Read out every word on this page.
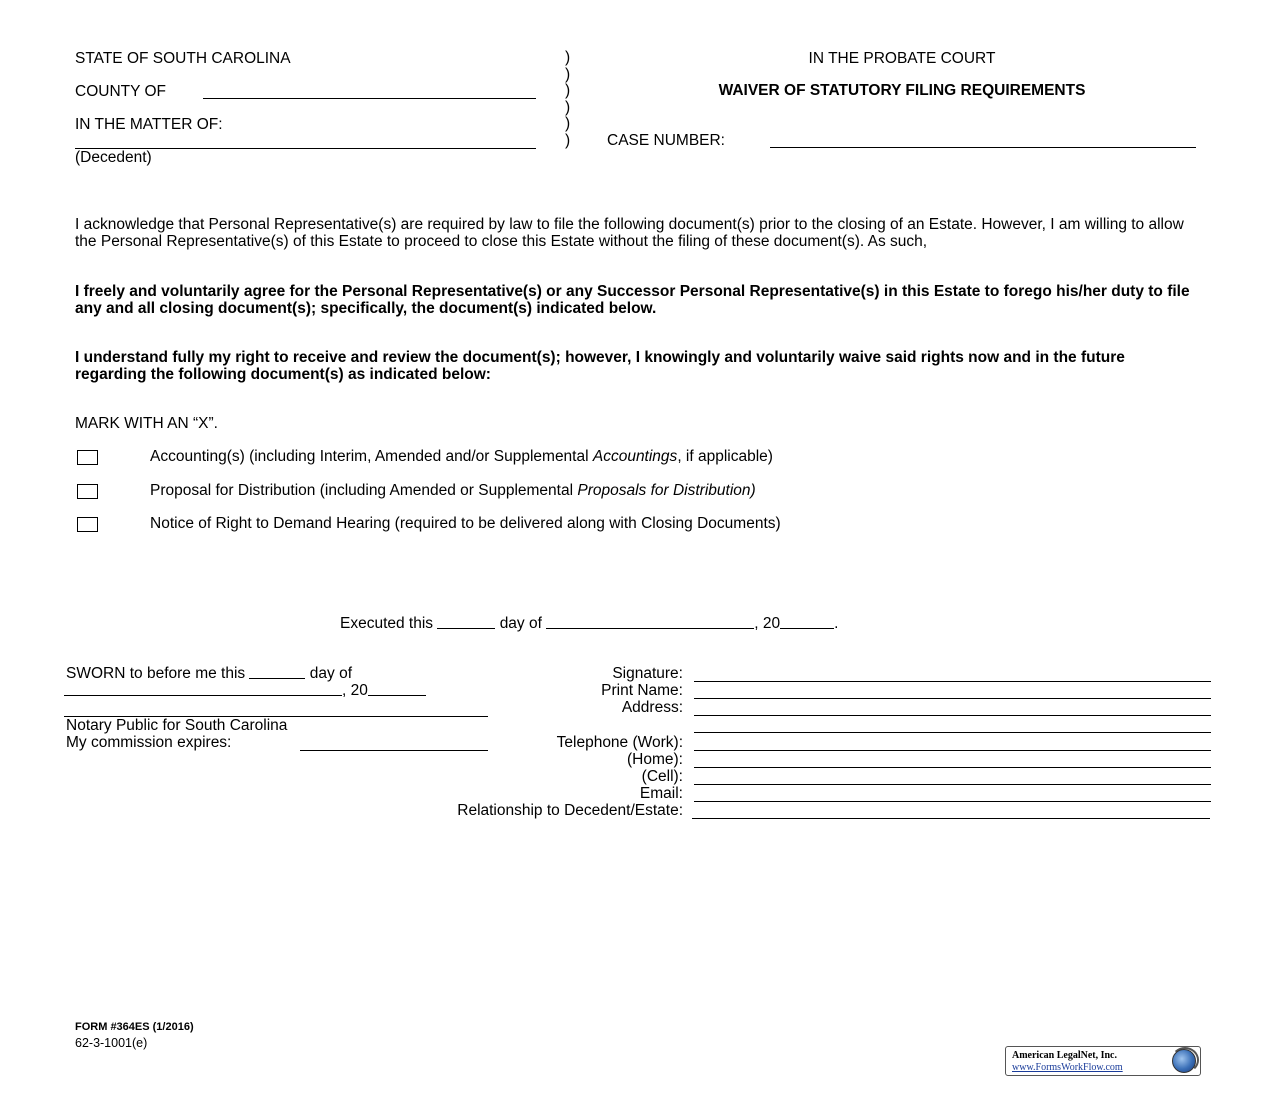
STATE OF SOUTH CAROLINA
COUNTY OF
IN THE MATTER OF:
(Decedent)
)
)
)
)
)
)
IN THE PROBATE COURT
WAIVER OF STATUTORY FILING REQUIREMENTS
CASE NUMBER:
I acknowledge that Personal Representative(s) are required by law to file the following document(s) prior to the closing of an Estate. However, I am willing to allow the Personal Representative(s) of this Estate to proceed to close this Estate without the filing of these document(s). As such,
I freely and voluntarily agree for the Personal Representative(s) or any Successor Personal Representative(s) in this Estate to forego his/her duty to file any and all closing document(s); specifically, the document(s) indicated below.
I understand fully my right to receive and review the document(s); however, I knowingly and voluntarily waive said rights now and in the future regarding the following document(s) as indicated below:
MARK WITH AN “X”.
Accounting(s) (including Interim, Amended and/or Supplemental Accountings, if applicable)
Proposal for Distribution (including Amended or Supplemental Proposals for Distribution)
Notice of Right to Demand Hearing (required to be delivered along with Closing Documents)
Executed this	day of	, 20	.
SWORN to before me this	day of
, 20
Notary Public for South Carolina
My commission expires:
Signature:
Print Name:
Address:
Telephone (Work):
(Home):
(Cell):
Email:
Relationship to Decedent/Estate:
FORM #364ES (1/2016)
62-3-1001(e)
American LegalNet, Inc.
www.FormsWorkFlow.com
